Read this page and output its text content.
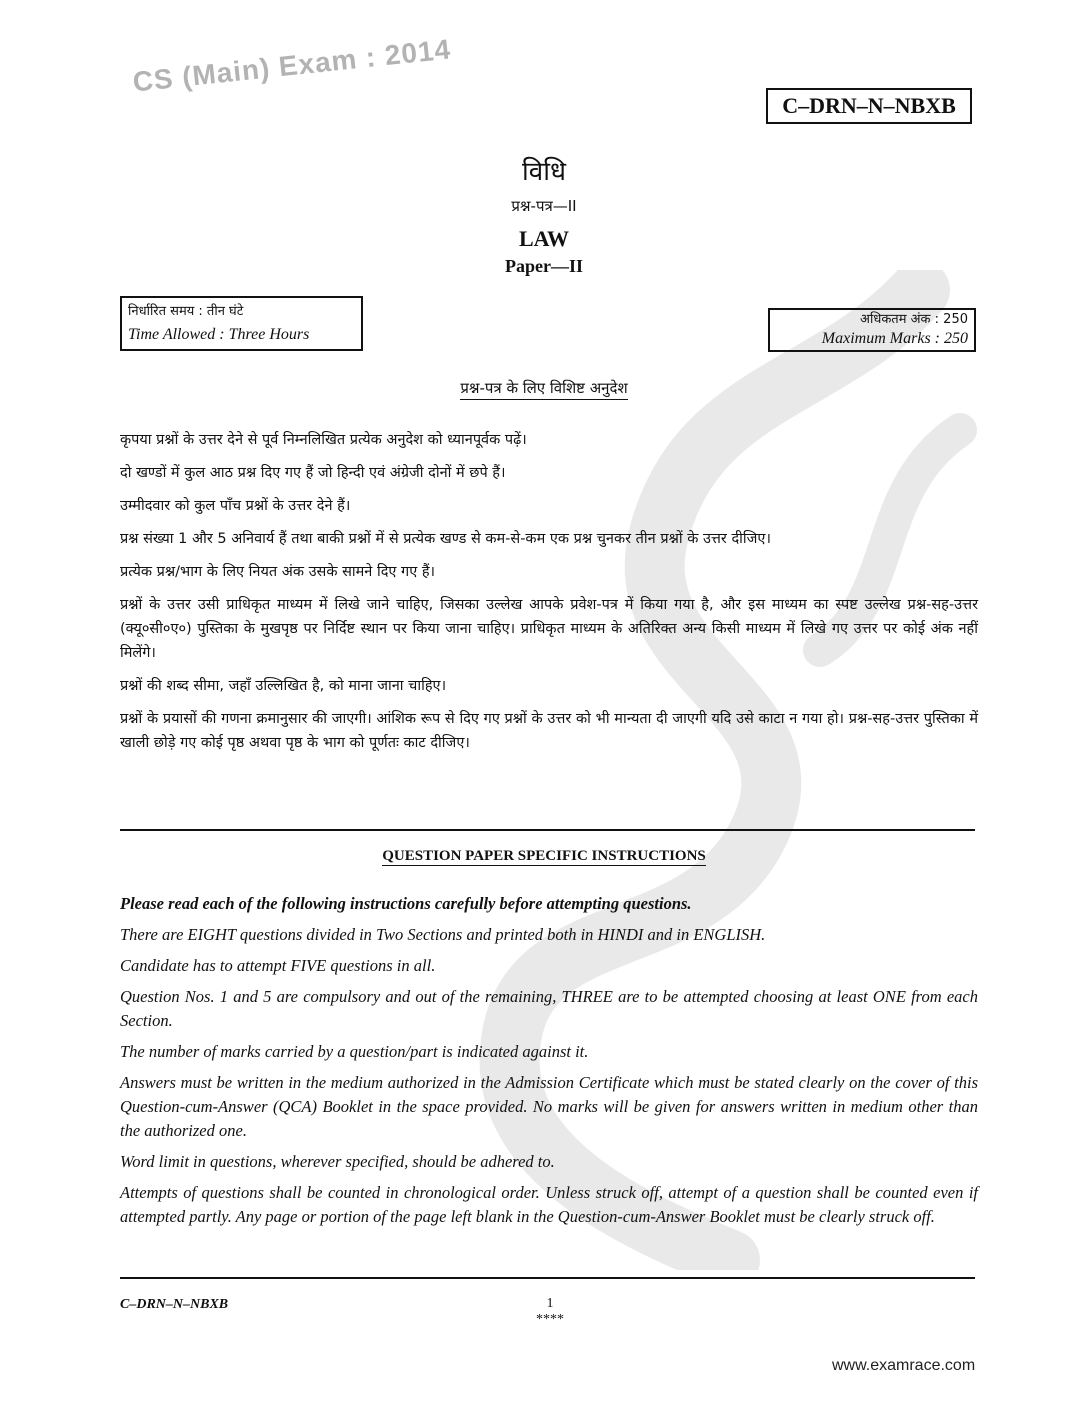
CS (Main) Exam : 2014
C–DRN–N–NBXB
विधि
प्रश्न-पत्र—II
LAW
Paper—II
निर्धारित समय : तीन घंटे
Time Allowed : Three Hours
अधिकतम अंक : 250
Maximum Marks : 250
प्रश्न-पत्र के लिए विशिष्ट अनुदेश

कृपया प्रश्नों के उत्तर देने से पूर्व निम्नलिखित प्रत्येक अनुदेश को ध्यानपूर्वक पढ़ें।

दो खण्डों में कुल आठ प्रश्न दिए गए हैं जो हिन्दी एवं अंग्रेजी दोनों में छपे हैं।

उम्मीदवार को कुल पाँच प्रश्नों के उत्तर देने हैं।

प्रश्न संख्या 1 और 5 अनिवार्य हैं तथा बाकी प्रश्नों में से प्रत्येक खण्ड से कम-से-कम एक प्रश्न चुनकर तीन प्रश्नों के उत्तर दीजिए।

प्रत्येक प्रश्न/भाग के लिए नियत अंक उसके सामने दिए गए हैं।

प्रश्नों के उत्तर उसी प्राधिकृत माध्यम में लिखे जाने चाहिए, जिसका उल्लेख आपके प्रवेश-पत्र में किया गया है, और इस माध्यम का स्पष्ट उल्लेख प्रश्न-सह-उत्तर (क्यू०सी०ए०) पुस्तिका के मुखपृष्ठ पर निर्दिष्ट स्थान पर किया जाना चाहिए। प्राधिकृत माध्यम के अतिरिक्त अन्य किसी माध्यम में लिखे गए उत्तर पर कोई अंक नहीं मिलेंगे।

प्रश्नों की शब्द सीमा, जहाँ उल्लिखित है, को माना जाना चाहिए।

प्रश्नों के प्रयासों की गणना क्रमानुसार की जाएगी। आंशिक रूप से दिए गए प्रश्नों के उत्तर को भी मान्यता दी जाएगी यदि उसे काटा न गया हो। प्रश्न-सह-उत्तर पुस्तिका में खाली छोड़े गए कोई पृष्ठ अथवा पृष्ठ के भाग को पूर्णतः काट दीजिए।

QUESTION PAPER SPECIFIC INSTRUCTIONS

Please read each of the following instructions carefully before attempting questions.

There are EIGHT questions divided in Two Sections and printed both in HINDI and in ENGLISH.

Candidate has to attempt FIVE questions in all.

Question Nos. 1 and 5 are compulsory and out of the remaining, THREE are to be attempted choosing at least ONE from each Section.

The number of marks carried by a question/part is indicated against it.

Answers must be written in the medium authorized in the Admission Certificate which must be stated clearly on the cover of this Question-cum-Answer (QCA) Booklet in the space provided. No marks will be given for answers written in medium other than the authorized one.

Word limit in questions, wherever specified, should be adhered to.

Attempts of questions shall be counted in chronological order. Unless struck off, attempt of a question shall be counted even if attempted partly. Any page or portion of the page left blank in the Question-cum-Answer Booklet must be clearly struck off.

C–DRN–N–NBXB	1
****
www.examrace.com
